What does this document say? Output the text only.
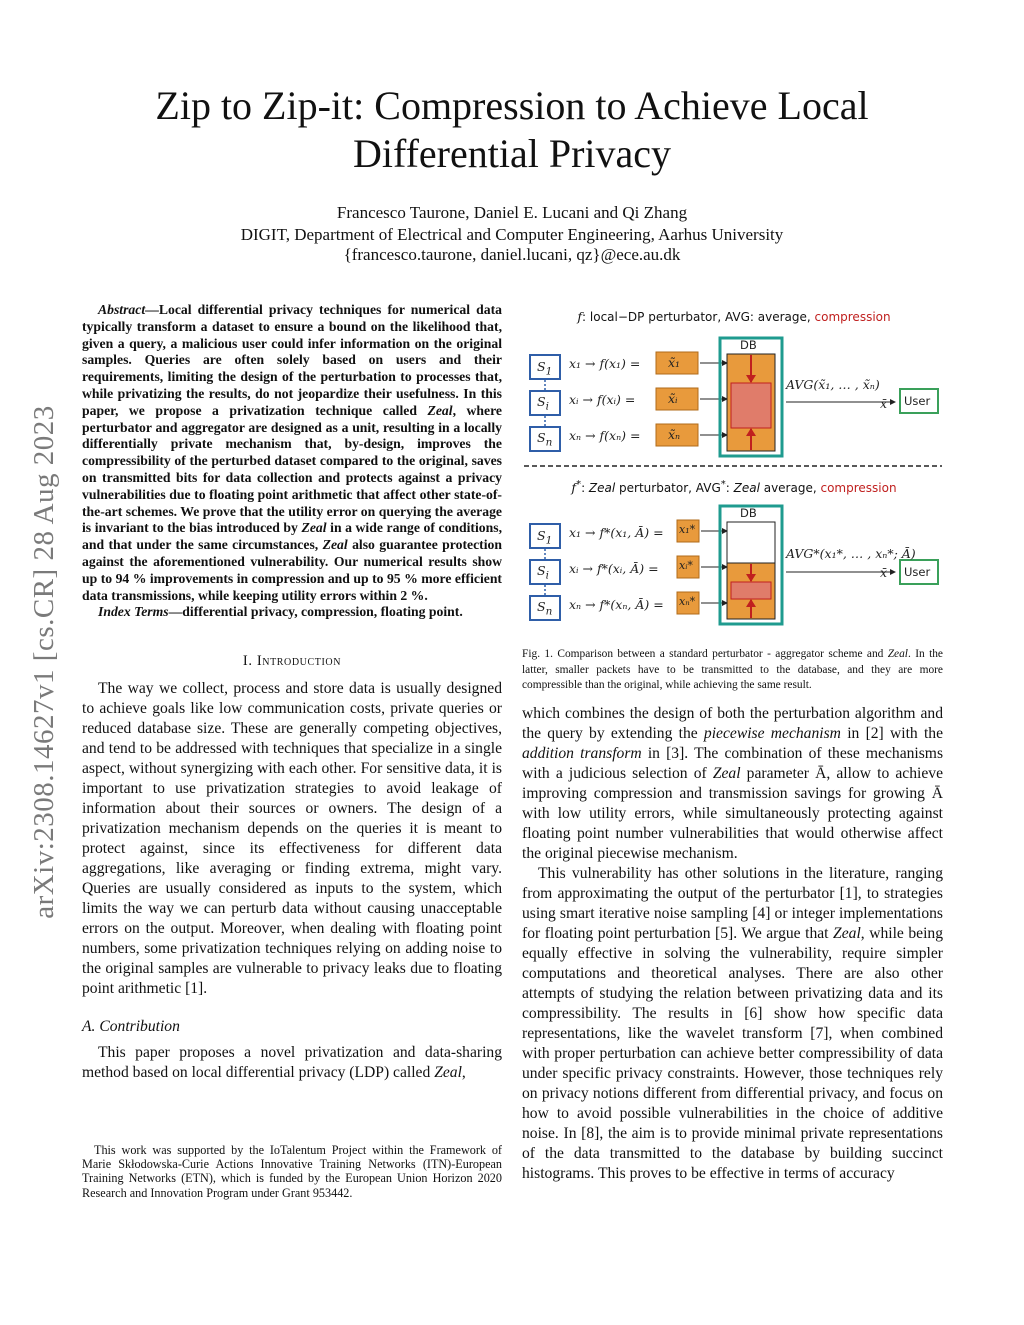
arXiv:2308.14627v1 [cs.CR] 28 Aug 2023
Zip to Zip-it: Compression to Achieve Local
Differential Privacy
Francesco Taurone, Daniel E. Lucani and Qi Zhang
DIGIT, Department of Electrical and Computer Engineering, Aarhus University
{francesco.taurone, daniel.lucani, qz}@ece.au.dk

Abstract—Local differential privacy techniques for numerical data typically transform a dataset to ensure a bound on the likelihood that, given a query, a malicious user could infer information on the original samples. Queries are often solely based on users and their requirements, limiting the design of the perturbation to processes that, while privatizing the results, do not jeopardize their usefulness. In this paper, we propose a privatization technique called Zeal, where perturbator and aggregator are designed as a unit, resulting in a locally differentially private mechanism that, by-design, improves the compressibility of the perturbed dataset compared to the original, saves on transmitted bits for data collection and protects against a privacy vulnerabilities due to floating point arithmetic that affect other state-of-the-art schemes. We prove that the utility error on querying the average is invariant to the bias introduced by Zeal in a wide range of conditions, and that under the same circumstances, Zeal also guarantee protection against the aforementioned vulnerability. Our numerical results show up to 94 % improvements in compression and up to 95 % more efficient data transmissions, while keeping utility errors within 2 %.

Index Terms—differential privacy, compression, floating point.

I. Introduction

The way we collect, process and store data is usually designed to achieve goals like low communication costs, private queries or reduced database size. These are generally competing objectives, and tend to be addressed with techniques that specialize in a single aspect, without synergizing with each other. For sensitive data, it is important to use privatization strategies to avoid leakage of information about their sources or owners. The design of a privatization mechanism depends on the queries it is meant to protect against, since its effectiveness for different data aggregations, like averaging or finding extrema, might vary. Queries are usually considered as inputs to the system, which limits the way we can perturb data without causing unacceptable errors on the output. Moreover, when dealing with floating point numbers, some privatization techniques relying on adding noise to the original samples are vulnerable to privacy leaks due to floating point arithmetic [1].

A. Contribution

This paper proposes a novel privatization and data-sharing method based on local differential privacy (LDP) called Zeal,

This work was supported by the IoTalentum Project within the Framework of Marie Skłodowska-Curie Actions Innovative Training Networks (ITN)-European Training Networks (ETN), which is funded by the European Union Horizon 2020 Research and Innovation Program under Grant 953442.

f: local−DP perturbator, AVG: average, compression
$S_1$
$S_i$
$S_n$
x₁ → f(x₁) =
xᵢ → f(xᵢ) =
xₙ → f(xₙ) =
x̃₁
x̃ᵢ
x̃ₙ
DB
AVG(x̃₁, … , x̃ₙ)
x̄ User
f*: Zeal perturbator, AVG*: Zeal average, compression
$S_1$
$S_i$
$S_n$
x₁ → f*(x₁, Ā) =
xᵢ → f*(xᵢ, Ā) =
xₙ → f*(xₙ, Ā) =
x₁*
xᵢ*
xₙ*
DB
AVG*(x₁*, … , xₙ*; Ā)
x̄ User
Fig. 1. Comparison between a standard perturbator - aggregator scheme and Zeal. In the latter, smaller packets have to be transmitted to the database, and they are more compressible than the original, while achieving the same result.

which combines the design of both the perturbation algorithm and the query by extending the piecewise mechanism in [2] with the addition transform in [3]. The combination of these mechanisms with a judicious selection of Zeal parameter Ā, allow to achieve improving compression and transmission savings for growing Ā with low utility errors, while simultaneously protecting against floating point number vulnerabilities that would otherwise affect the original piecewise mechanism.

This vulnerability has other solutions in the literature, ranging from approximating the output of the perturbator [1], to strategies using smart iterative noise sampling [4] or integer implementations for floating point perturbation [5]. We argue that Zeal, while being equally effective in solving the vulnerability, require simpler computations and theoretical analyses. There are also other attempts of studying the relation between privatizing data and its compressibility. The results in [6] show how specific data representations, like the wavelet transform [7], when combined with proper perturbation can achieve better compressibility of data under specific privacy constraints. However, those techniques rely on privacy notions different from differential privacy, and focus on how to avoid possible vulnerabilities in the choice of additive noise. In [8], the aim is to provide minimal private representations of the data transmitted to the database by building succinct histograms. This proves to be effective in terms of accuracy
